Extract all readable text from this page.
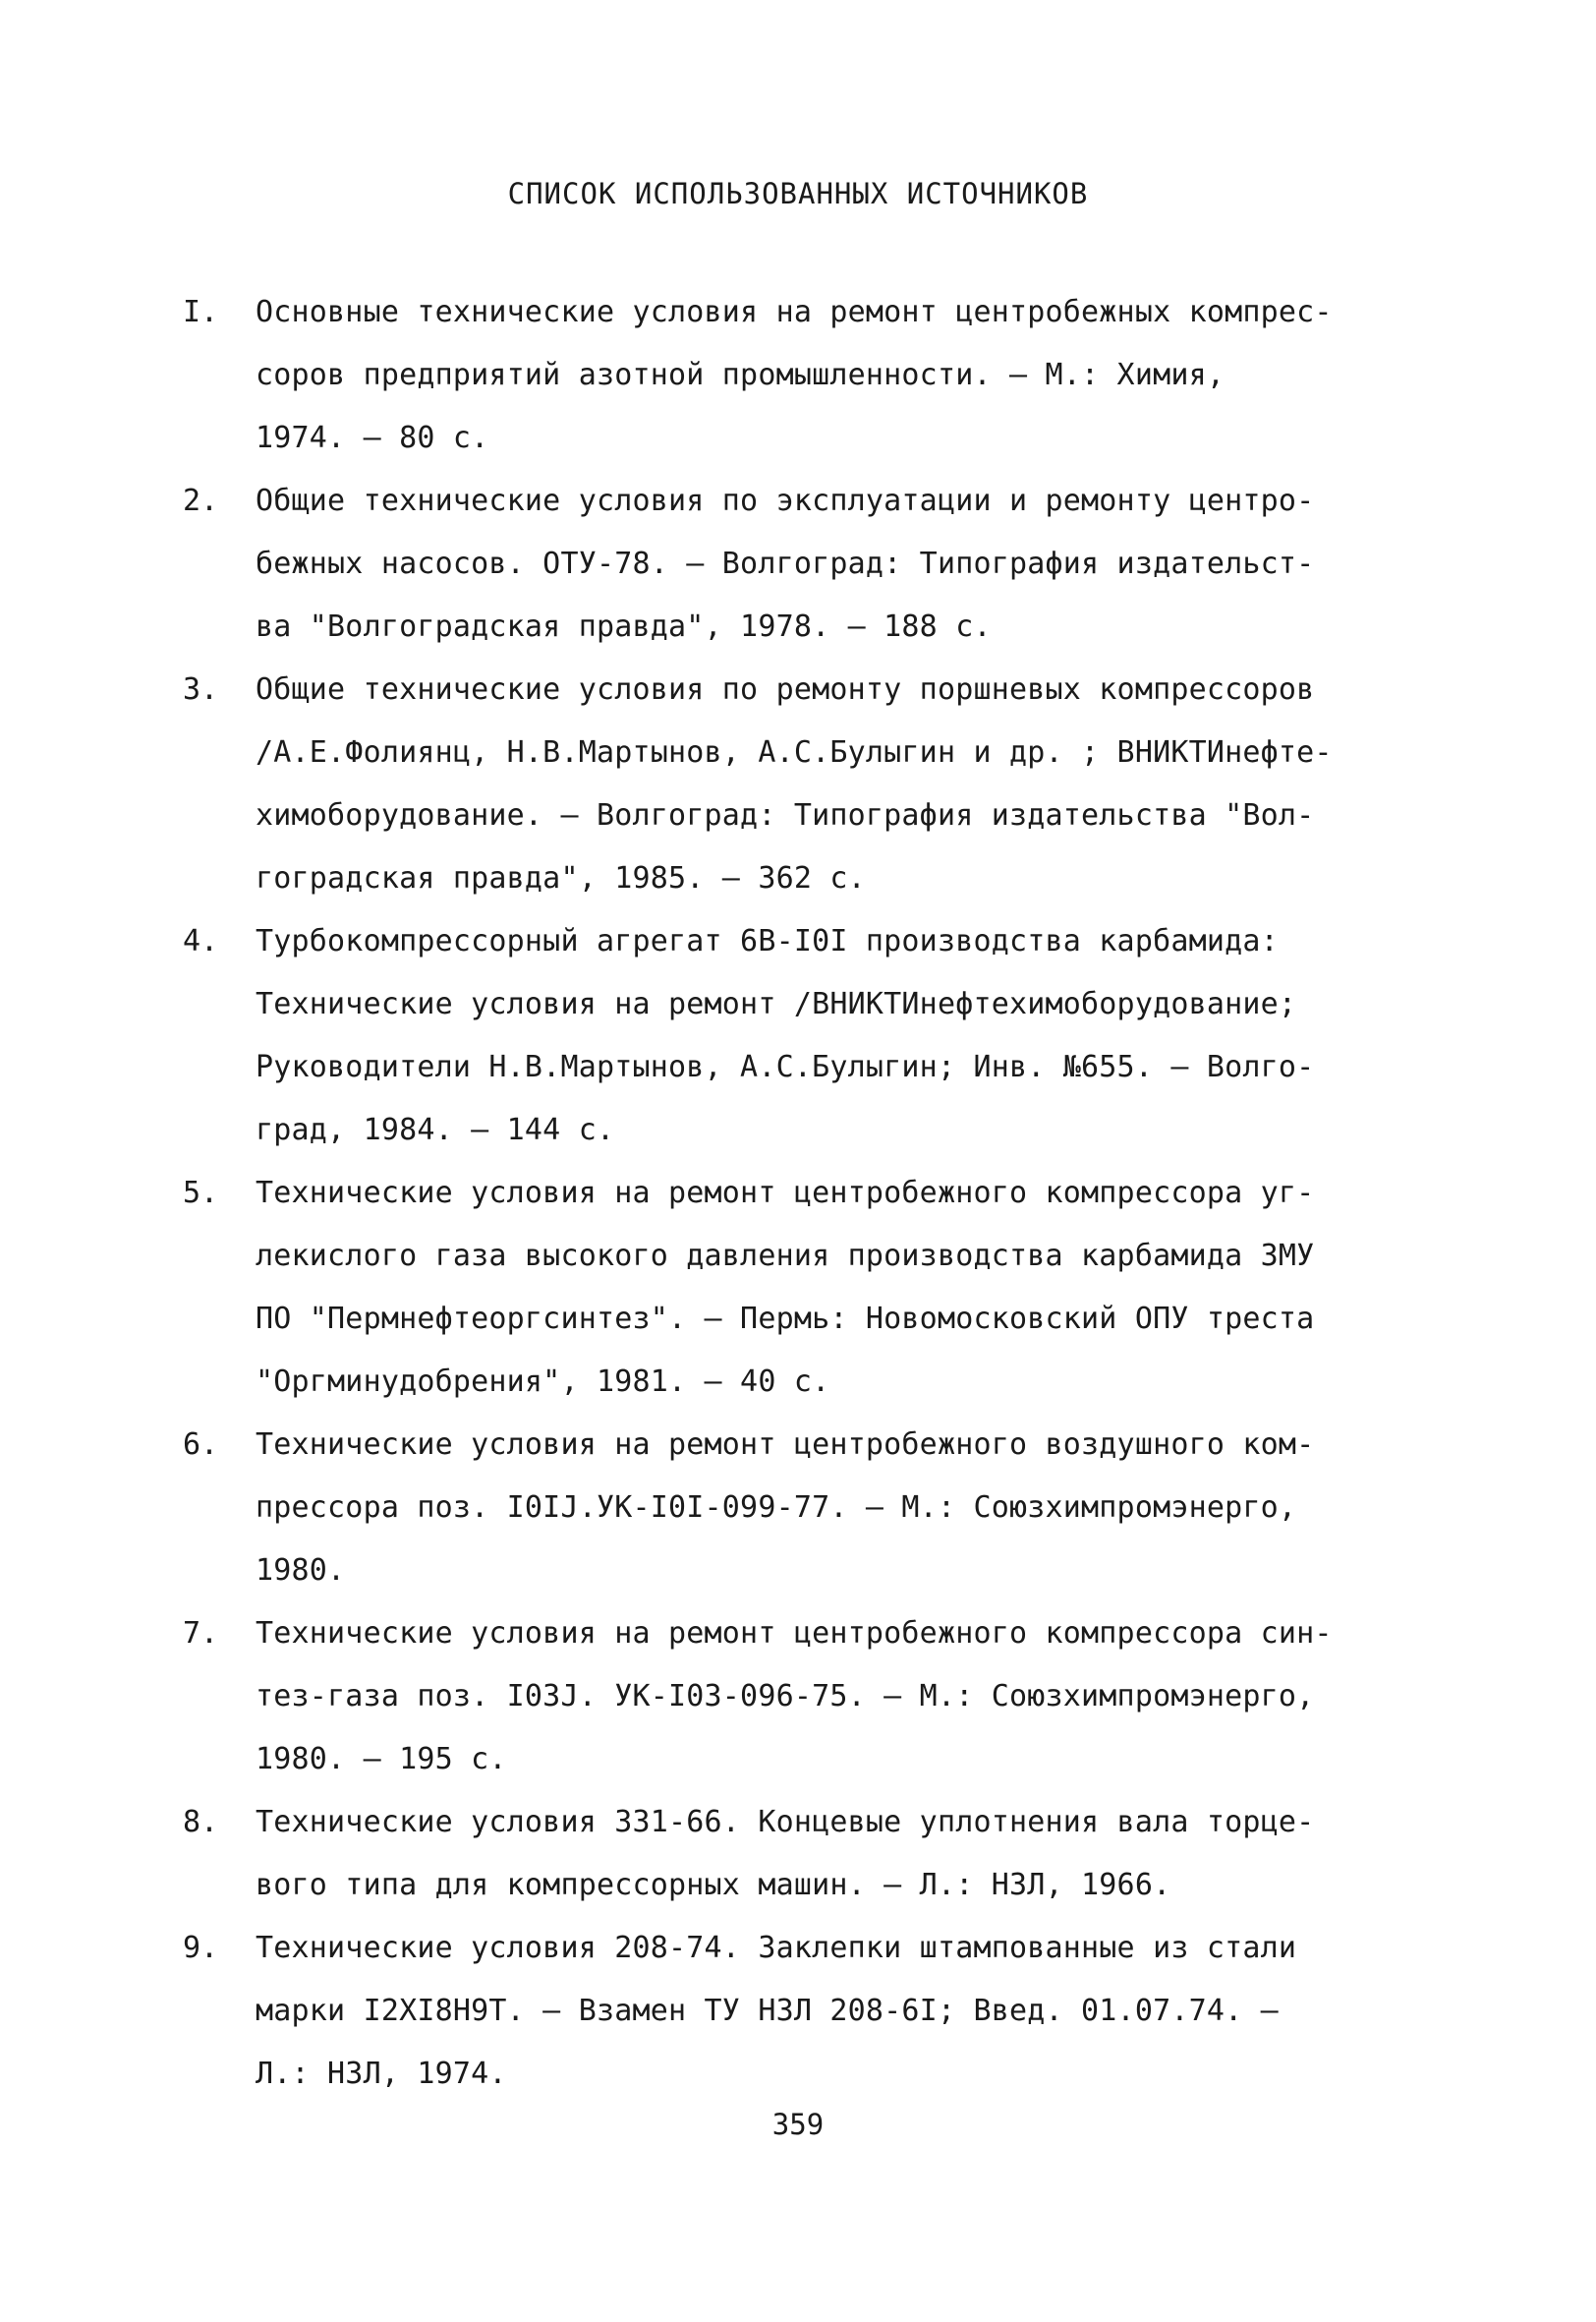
СПИСОК ИСПОЛЬЗОВАННЫХ ИСТОЧНИКОВ
I.	Основные технические условия на ремонт центробежных компрес-
соров предприятий азотной промышленности. – М.: Химия,
1974. – 80 с.
2.	Общие технические условия по эксплуатации и ремонту центро-
бежных насосов. ОТУ-78. – Волгоград: Типография издательст-
ва "Волгоградская правда", 1978. – 188 с.
3.	Общие технические условия по ремонту поршневых компрессоров
/А.Е.Фолиянц, Н.В.Мартынов, А.С.Булыгин и др. ; ВНИКТИнефте-
химоборудование. – Волгоград: Типография издательства "Вол-
гоградская правда", 1985. – 362 с.
4.	Турбокомпрессорный агрегат 6В-I0I производства карбамида:
Технические условия на ремонт /ВНИКТИнефтехимоборудование;
Руководители Н.В.Мартынов, А.С.Булыгин; Инв. №655. – Волго-
град, 1984. – 144 с.
5.	Технические условия на ремонт центробежного компрессора уг-
лекислого газа высокого давления производства карбамида ЗМУ
ПО "Пермнефтеоргсинтез". – Пермь: Новомосковский ОПУ треста
"Оргминудобрения", 1981. – 40 с.
6.	Технические условия на ремонт центробежного воздушного ком-
прессора поз. I0IJ.УК-I0I-099-77. – М.: Союзхимпромэнерго,
1980.
7.	Технические условия на ремонт центробежного компрессора син-
тез-газа поз. I03J. УК-I03-096-75. – М.: Союзхимпромэнерго,
1980. – 195 с.
8.	Технические условия 331-66. Концевые уплотнения вала торце-
вого типа для компрессорных машин. – Л.: НЗЛ, 1966.
9.	Технические условия 208-74. Заклепки штампованные из стали
марки I2XI8H9T. – Взамен ТУ НЗЛ 208-6I; Введ. 01.07.74. –
Л.: НЗЛ, 1974.
359
